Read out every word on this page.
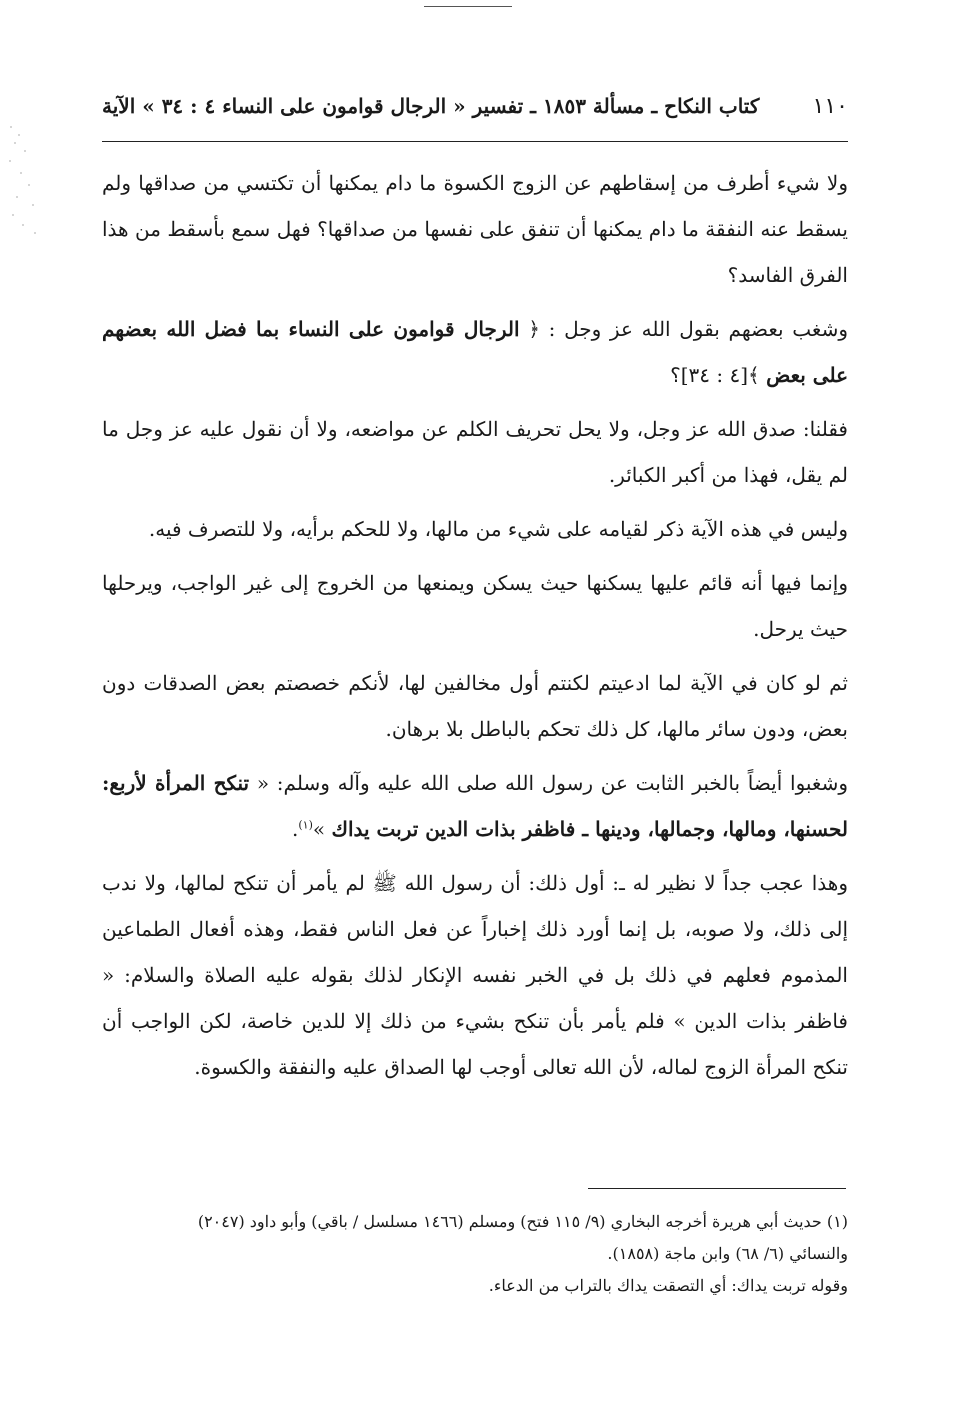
١١٠
كتاب النكاح ـ مسألة ١٨٥٣ ـ تفسير « الرجال قوامون على النساء ٤ : ٣٤ » الآية

ولا شيء أطرف من إسقاطهم عن الزوج الكسوة ما دام يمكنها أن تكتسي من صداقها ولم يسقط عنه النفقة ما دام يمكنها أن تنفق على نفسها من صداقها؟ فهل سمع بأسقط من هذا الفرق الفاسد؟

وشغب بعضهم بقول الله عز وجل : ﴿ الرجال قوامون على النساء بما فضل الله بعضهم على بعض ﴾[٤ : ٣٤]؟

فقلنا: صدق الله عز وجل، ولا يحل تحريف الكلم عن مواضعه، ولا أن نقول عليه عز وجل ما لم يقل، فهذا من أكبر الكبائر.

وليس في هذه الآية ذكر لقيامه على شيء من مالها، ولا للحكم برأيه، ولا للتصرف فيه.

وإنما فيها أنه قائم عليها يسكنها حيث يسكن ويمنعها من الخروج إلى غير الواجب، ويرحلها حيث يرحل.

ثم لو كان في الآية لما ادعيتم لكنتم أول مخالفين لها، لأنكم خصصتم بعض الصدقات دون بعض، ودون سائر مالها، كل ذلك تحكم بالباطل بلا برهان.

وشغبوا أيضاً بالخبر الثابت عن رسول الله صلى الله عليه وآله وسلم: « تنكح المرأة لأربع: لحسنها، ومالها، وجمالها، ودينها ـ فاظفر بذات الدين تربت يداك »$^{(١)}$.

وهذا عجب جداً لا نظير له ـ: أول ذلك: أن رسول الله ﷺ لم يأمر أن تنكح لمالها، ولا ندب إلى ذلك، ولا صوبه، بل إنما أورد ذلك إخباراً عن فعل الناس فقط، وهذه أفعال الطماعين المذموم فعلهم في ذلك بل في الخبر نفسه الإنكار لذلك بقوله عليه الصلاة والسلام: « فاظفر بذات الدين » فلم يأمر بأن تنكح بشيء من ذلك إلا للدين خاصة، لكن الواجب أن تنكح المرأة الزوج لماله، لأن الله تعالى أوجب لها الصداق عليه والنفقة والكسوة.

(١) حديث أبي هريرة أخرجه البخاري (٩/ ١١٥ فتح) ومسلم (١٤٦٦ مسلسل / باقي) وأبو داود (٢٠٤٧)

والنسائي (٦/ ٦٨) وابن ماجة (١٨٥٨).

وقوله تربت يداك: أي التصقت يداك بالتراب من الدعاء.
